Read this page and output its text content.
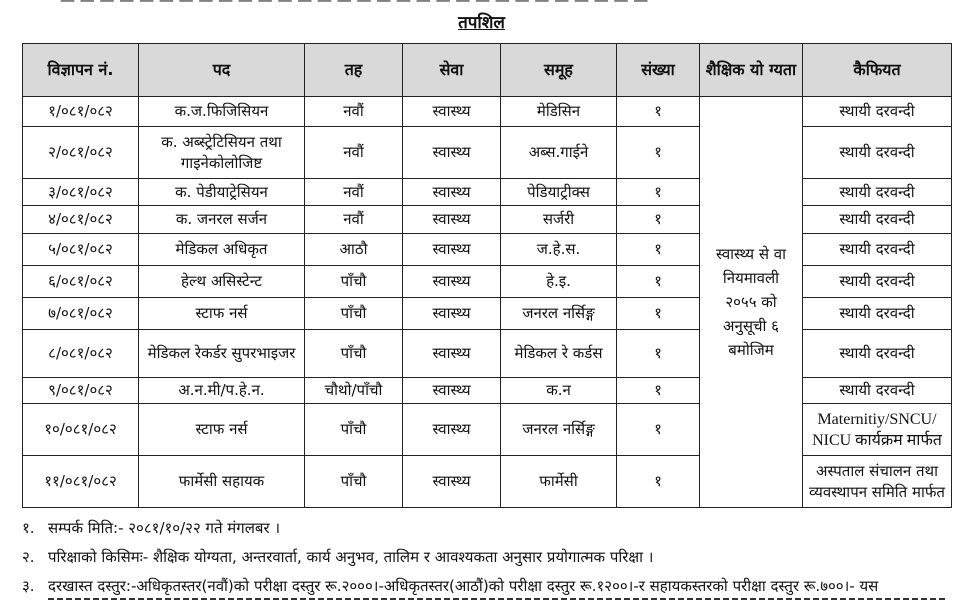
— — — — — — — — — — — — — — — — — — — — — — — — — — — — — —
तपशिल
विज्ञापन नं.	पद	तह	सेवा	समूह	संख्या	शैक्षिक यो ग्यता	कैफियत
१/०८१/०८२	क.ज.फिजिसियन	नवौं	स्वास्थ्य	मेडिसिन	१	स्वास्थ्य से वा नियमावली २०५५ को अनुसूची ६ बमोजिम	स्थायी दरवन्दी
२/०८१/०८२	क. अब्स्ट्रेटिसियन तथा गाइनेकोलोजिष्ट	नवौं	स्वास्थ्य	अब्स.गाईने	१		स्थायी दरवन्दी
३/०८१/०८२	क. पेडीयाट्रेसियन	नवौं	स्वास्थ्य	पेडियाट्रीक्स	१		स्थायी दरवन्दी
४/०८१/०८२	क. जनरल सर्जन	नवौं	स्वास्थ्य	सर्जरी	१		स्थायी दरवन्दी
५/०८१/०८२	मेडिकल अधिकृत	आठौ	स्वास्थ्य	ज.हे.स.	१		स्थायी दरवन्दी
६/०८१/०८२	हेल्थ असिस्टेन्ट	पाँचौ	स्वास्थ्य	हे.इ.	१		स्थायी दरवन्दी
७/०८१/०८२	स्टाफ नर्स	पाँचौ	स्वास्थ्य	जनरल नर्सिङ्ग	१		स्थायी दरवन्दी
८/०८१/०८२	मेडिकल रेकर्डर सुपरभाइजर	पाँचौ	स्वास्थ्य	मेडिकल रे कर्डस	१		स्थायी दरवन्दी
९/०८१/०८२	अ.न.मी/प.हे.न.	चौथो/पाँचौ	स्वास्थ्य	क.न	१		स्थायी दरवन्दी
१०/०८१/०८२	स्टाफ नर्स	पाँचौ	स्वास्थ्य	जनरल नर्सिङ्ग	१		Maternitiy/SNCU/ NICU कार्यक्रम मार्फत
११/०८१/०८२	फार्मेसी सहायक	पाँचौ	स्वास्थ्य	फार्मेसी	१		अस्पताल संचालन तथा व्यवस्थापन समिति मार्फत
१. सम्पर्क मिति:- २०८१/१०/२२ गते मंगलबर ।
२. परिक्षाको किसिमः- शैक्षिक योग्यता, अन्तरवार्ता, कार्य अनुभव, तालिम र आवश्यकता अनुसार प्रयोगात्मक परिक्षा ।
३. दरखास्त दस्तुर:-अधिकृतस्तर(नवौं)को परीक्षा दस्तुर रू.२०००।-अधिकृतस्तर(आठौं)को परीक्षा दस्तुर रू.१२००।-र सहायकस्तरको परीक्षा दस्तुर रू.७००।- यस
